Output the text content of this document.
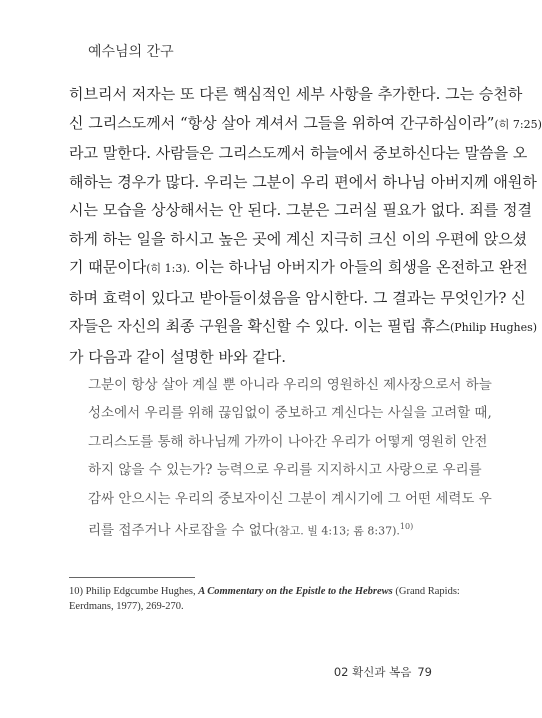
예수님의 간구
히브리서 저자는 또 다른 핵심적인 세부 사항을 추가한다. 그는 승천하
신 그리스도께서 “항상 살아 계셔서 그들을 위하여 간구하심이라”(히 7:25)
라고 말한다. 사람들은 그리스도께서 하늘에서 중보하신다는 말씀을 오
해하는 경우가 많다. 우리는 그분이 우리 편에서 하나님 아버지께 애원하
시는 모습을 상상해서는 안 된다. 그분은 그러실 필요가 없다. 죄를 정결
하게 하는 일을 하시고 높은 곳에 계신 지극히 크신 이의 우편에 앉으셨
기 때문이다(히 1:3). 이는 하나님 아버지가 아들의 희생을 온전하고 완전
하며 효력이 있다고 받아들이셨음을 암시한다. 그 결과는 무엇인가? 신
자들은 자신의 최종 구원을 확신할 수 있다. 이는 필립 휴스(Philip Hughes)
가 다음과 같이 설명한 바와 같다.
그분이 항상 살아 계실 뿐 아니라 우리의 영원하신 제사장으로서 하늘
성소에서 우리를 위해 끊임없이 중보하고 계신다는 사실을 고려할 때,
그리스도를 통해 하나님께 가까이 나아간 우리가 어떻게 영원히 안전
하지 않을 수 있는가? 능력으로 우리를 지지하시고 사랑으로 우리를
감싸 안으시는 우리의 중보자이신 그분이 계시기에 그 어떤 세력도 우
리를 접주거나 사로잡을 수 없다(참고. 빌 4:13; 롬 8:37).$^{10)}$
10) Philip Edgcumbe Hughes, A Commentary on the Epistle to the Hebrews (Grand Rapids:
Eerdmans, 1977), 269-270.
02 확신과 복음 79
